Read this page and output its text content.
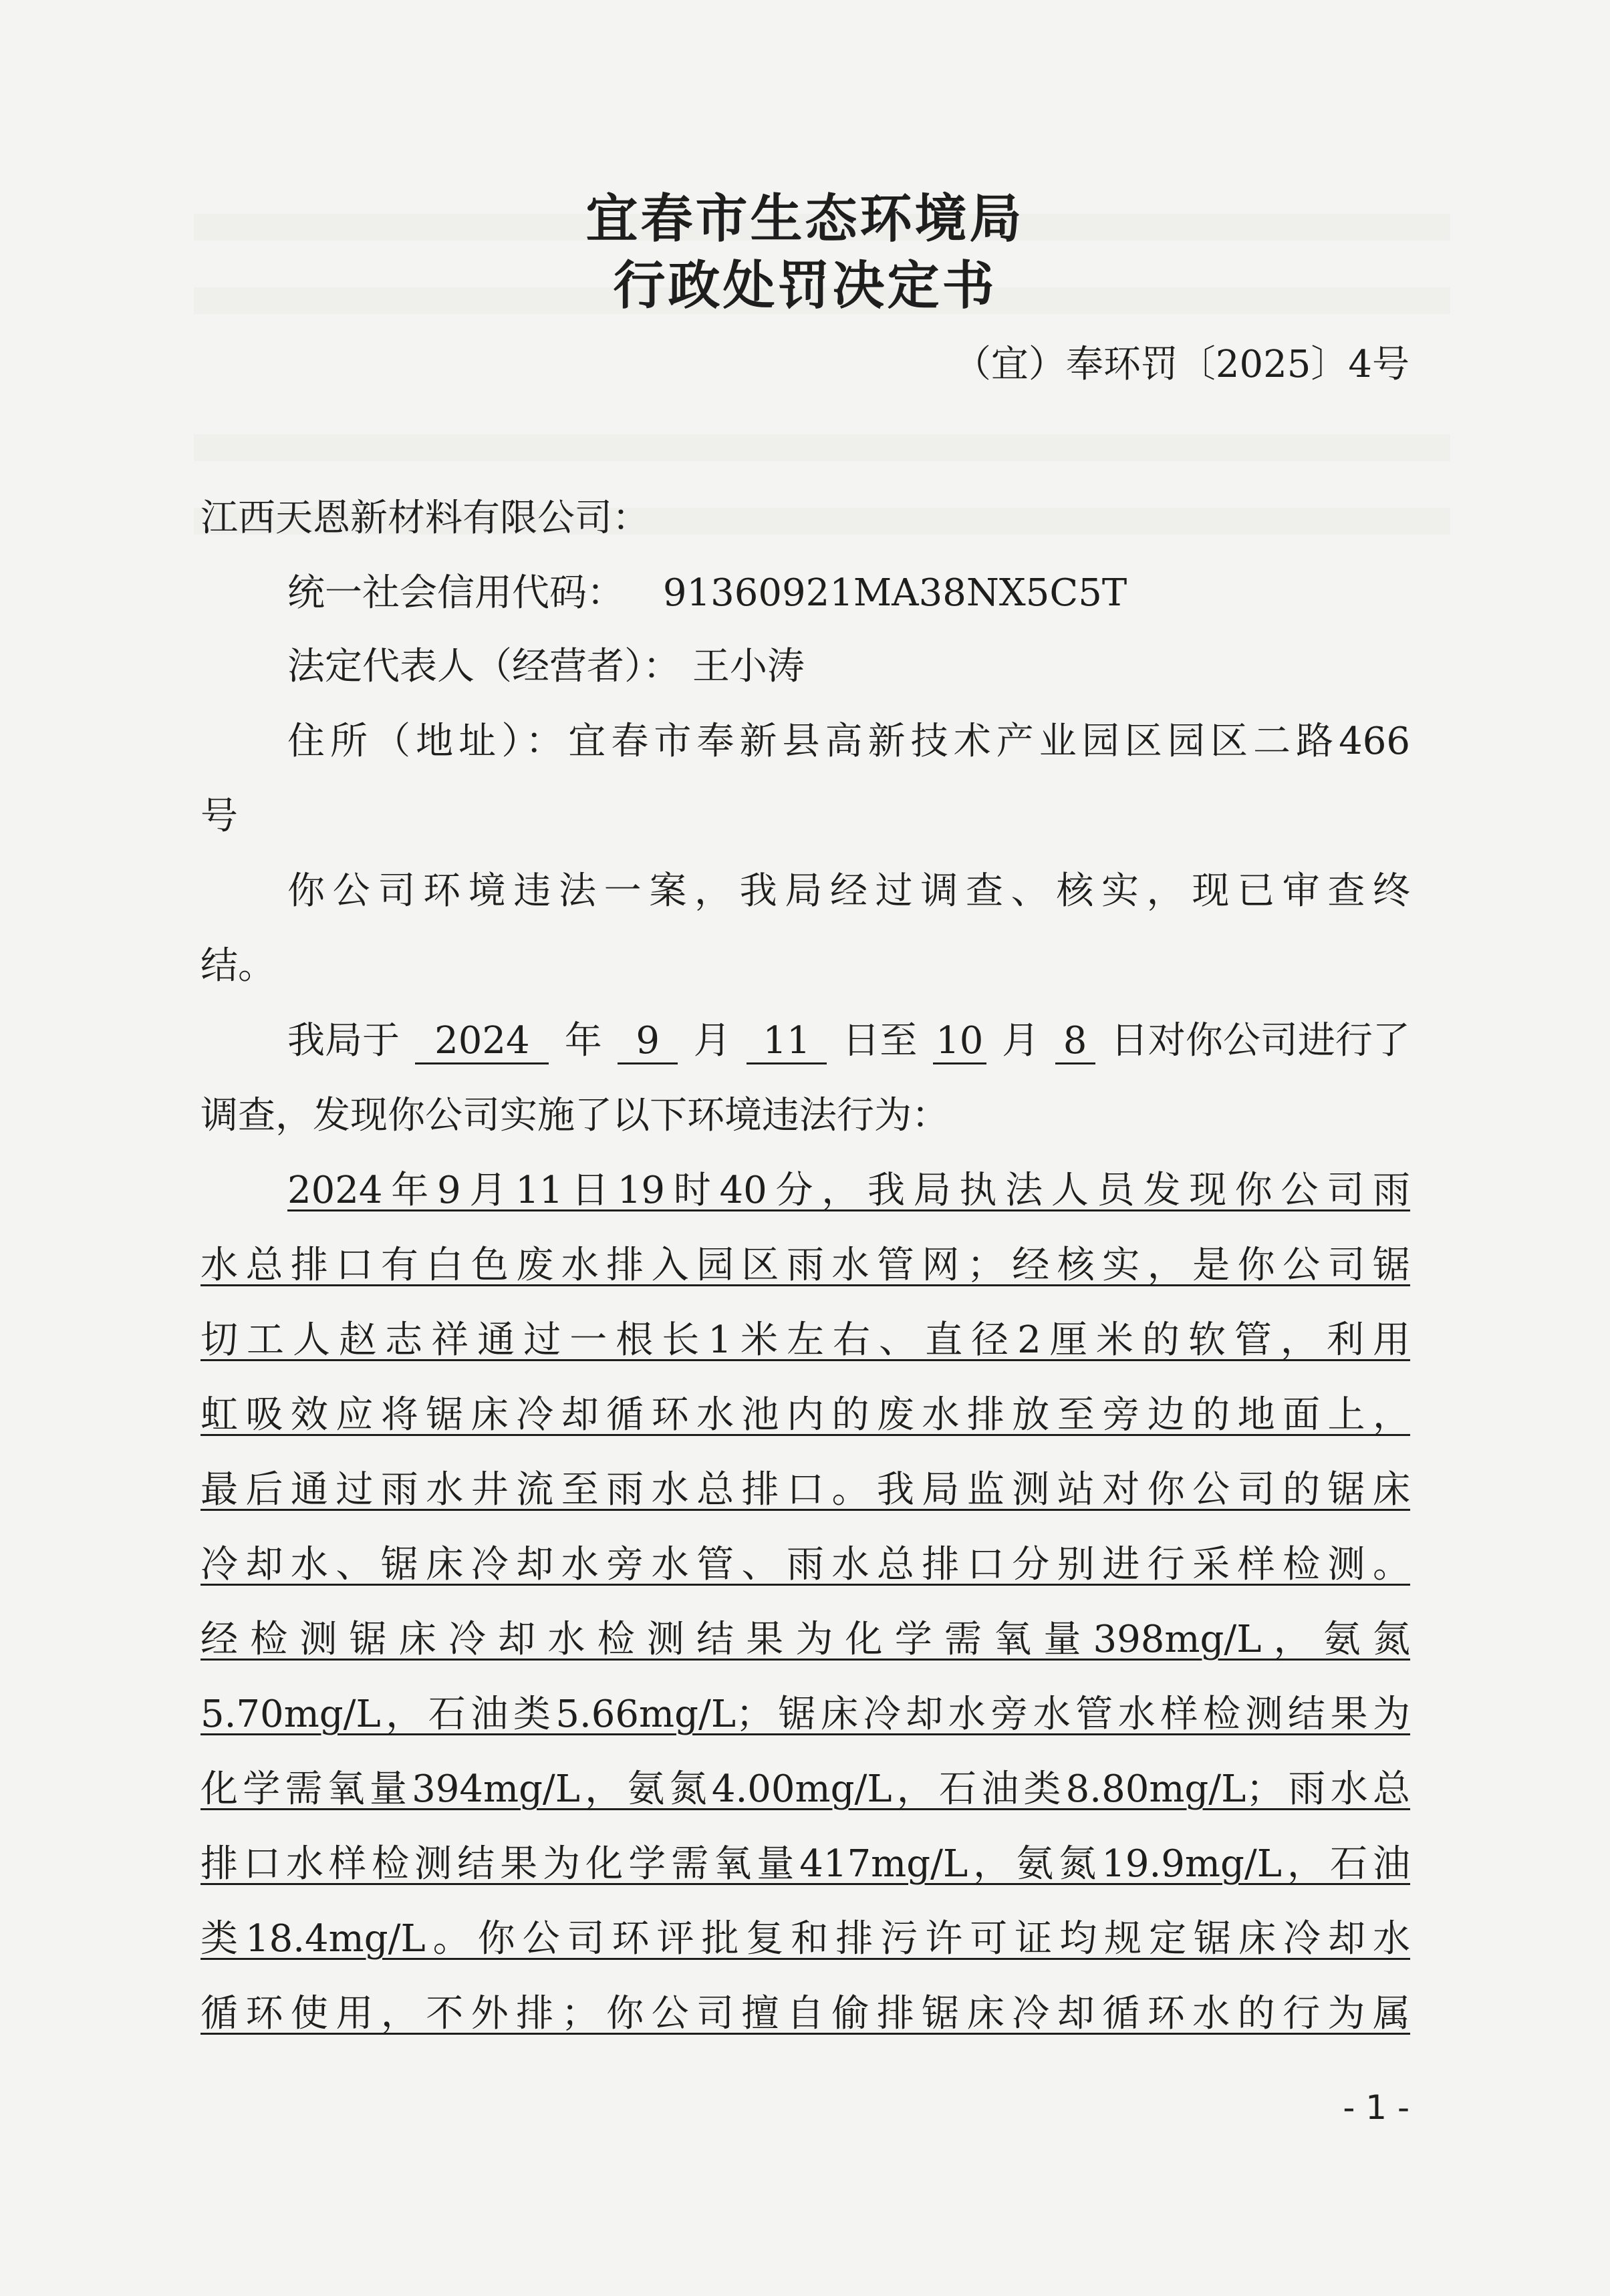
宜春市生态环境局
行政处罚决定书
（宜）奉环罚〔2025〕4号
江西天恩新材料有限公司：
统一社会信用代码： 91360921MA38NX5C5T
法定代表人（经营者）： 王小涛
住所（地址）：宜春市奉新县高新技术产业园区园区二路466
号
你公司环境违法一案，我局经过调查、核实，现已审查终
结。
我局于 2024 年 9 月 11 日至 10 月 8 日对你公司进行了
调查，发现你公司实施了以下环境违法行为：
2024年9月11日19时40分，我局执法人员发现你公司雨
水总排口有白色废水排入园区雨水管网；经核实，是你公司锯
切工人赵志祥通过一根长1米左右、直径2厘米的软管，利用
虹吸效应将锯床冷却循环水池内的废水排放至旁边的地面上，
最后通过雨水井流至雨水总排口。我局监测站对你公司的锯床
冷却水、锯床冷却水旁水管、雨水总排口分别进行采样检测。
经检测锯床冷却水检测结果为化学需氧量398mg/L，氨氮
5.70mg/L，石油类5.66mg/L；锯床冷却水旁水管水样检测结果为
化学需氧量394mg/L，氨氮4.00mg/L，石油类8.80mg/L；雨水总
排口水样检测结果为化学需氧量417mg/L，氨氮19.9mg/L，石油
类18.4mg/L。你公司环评批复和排污许可证均规定锯床冷却水
循环使用，不外排；你公司擅自偷排锯床冷却循环水的行为属
- 1 -
